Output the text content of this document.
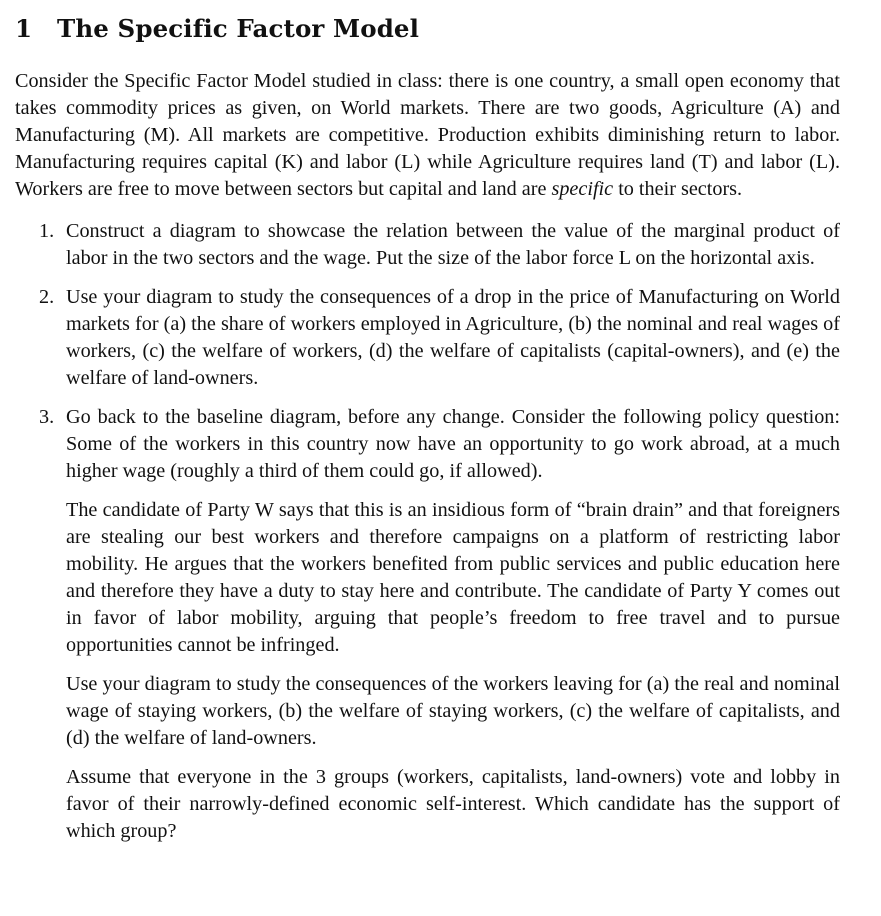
1 The Specific Factor Model

Consider the Specific Factor Model studied in class: there is one country, a small open economy that takes commodity prices as given, on World markets. There are two goods, Agriculture (A) and Manufacturing (M). All markets are competitive. Production exhibits diminishing return to labor. Manufacturing requires capital (K) and labor (L) while Agriculture requires land (T) and labor (L). Workers are free to move between sectors but capital and land are specific to their sectors.

1. Construct a diagram to showcase the relation between the value of the marginal product of labor in the two sectors and the wage. Put the size of the labor force L on the horizontal axis.

2. Use your diagram to study the consequences of a drop in the price of Manufacturing on World markets for (a) the share of workers employed in Agriculture, (b) the nominal and real wages of workers, (c) the welfare of workers, (d) the welfare of capitalists (capital-owners), and (e) the welfare of land-owners.

3. Go back to the baseline diagram, before any change. Consider the following policy question: Some of the workers in this country now have an opportunity to go work abroad, at a much higher wage (roughly a third of them could go, if allowed).

The candidate of Party W says that this is an insidious form of “brain drain” and that foreigners are stealing our best workers and therefore campaigns on a platform of restricting labor mobility. He argues that the workers benefited from public services and public education here and therefore they have a duty to stay here and contribute. The candidate of Party Y comes out in favor of labor mobility, arguing that people’s freedom to free travel and to pursue opportunities cannot be infringed.

Use your diagram to study the consequences of the workers leaving for (a) the real and nominal wage of staying workers, (b) the welfare of staying workers, (c) the welfare of capitalists, and (d) the welfare of land-owners.

Assume that everyone in the 3 groups (workers, capitalists, land-owners) vote and lobby in favor of their narrowly-defined economic self-interest. Which candidate has the support of which group?
